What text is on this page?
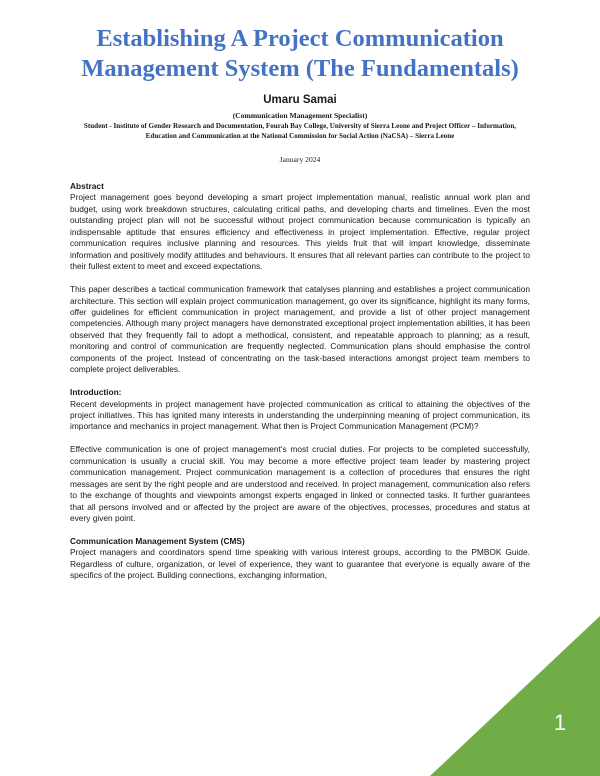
Establishing A Project Communication Management System (The Fundamentals)

Umaru Samai

(Communication Management Specialist)

Student - Institute of Gender Research and Documentation, Fourah Bay College, University of Sierra Leone and Project Officer – Information, Education and Communication at the National Commission for Social Action (NaCSA) – Sierra Leone

January 2024

Abstract

Project management goes beyond developing a smart project implementation manual, realistic annual work plan and budget, using work breakdown structures, calculating critical paths, and developing charts and timelines. Even the most outstanding project plan will not be successful without project communication because communication is typically an indispensable aptitude that ensures efficiency and effectiveness in project implementation. Effective, regular project communication requires inclusive planning and resources. This yields fruit that will impart knowledge, disseminate information and positively modify attitudes and behaviours. It ensures that all relevant parties can contribute to the project to their fullest extent to meet and exceed expectations.

This paper describes a tactical communication framework that catalyses planning and establishes a project communication architecture. This section will explain project communication management, go over its significance, highlight its many forms, offer guidelines for efficient communication in project management, and provide a list of other project management competencies. Although many project managers have demonstrated exceptional project implementation abilities, it has been observed that they frequently fail to adopt a methodical, consistent, and repeatable approach to planning; as a result, monitoring and control of communication are frequently neglected. Communication plans should emphasise the control components of the project. Instead of concentrating on the task-based interactions amongst project team members to complete project deliverables.

Introduction:

Recent developments in project management have projected communication as critical to attaining the objectives of the project initiatives. This has ignited many interests in understanding the underpinning meaning of project communication, its importance and mechanics in project management. What then is Project Communication Management (PCM)?

Effective communication is one of project management's most crucial duties. For projects to be completed successfully, communication is usually a crucial skill. You may become a more effective project team leader by mastering project communication management. Project communication management is a collection of procedures that ensures the right messages are sent by the right people and are understood and received. In project management, communication also refers to the exchange of thoughts and viewpoints amongst experts engaged in linked or connected tasks. It further guarantees that all persons involved and or affected by the project are aware of the objectives, processes, procedures and status at every given point.

Communication Management System (CMS)

Project managers and coordinators spend time speaking with various interest groups, according to the PMBOK Guide. Regardless of culture, organization, or level of experience, they want to guarantee that everyone is equally aware of the specifics of the project. Building connections, exchanging information,

1
